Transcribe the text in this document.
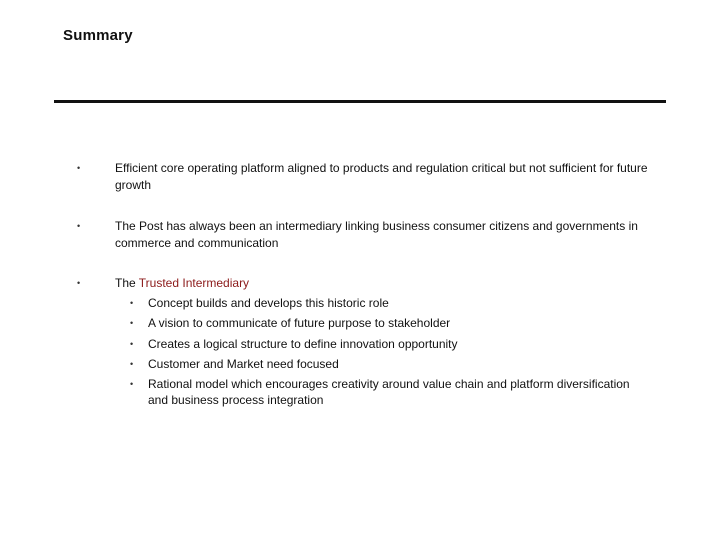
Summary
•	Efficient core operating platform aligned to products and regulation critical but not sufficient for future growth
•	The Post has always been an intermediary linking business consumer citizens and governments in commerce and communication
•	The Trusted Intermediary
• Concept builds and develops this historic role
• A vision to communicate of future purpose to stakeholder
• Creates a logical structure to define innovation opportunity
• Customer and Market need focused
• Rational model which encourages creativity around value chain and platform diversification and business process integration
